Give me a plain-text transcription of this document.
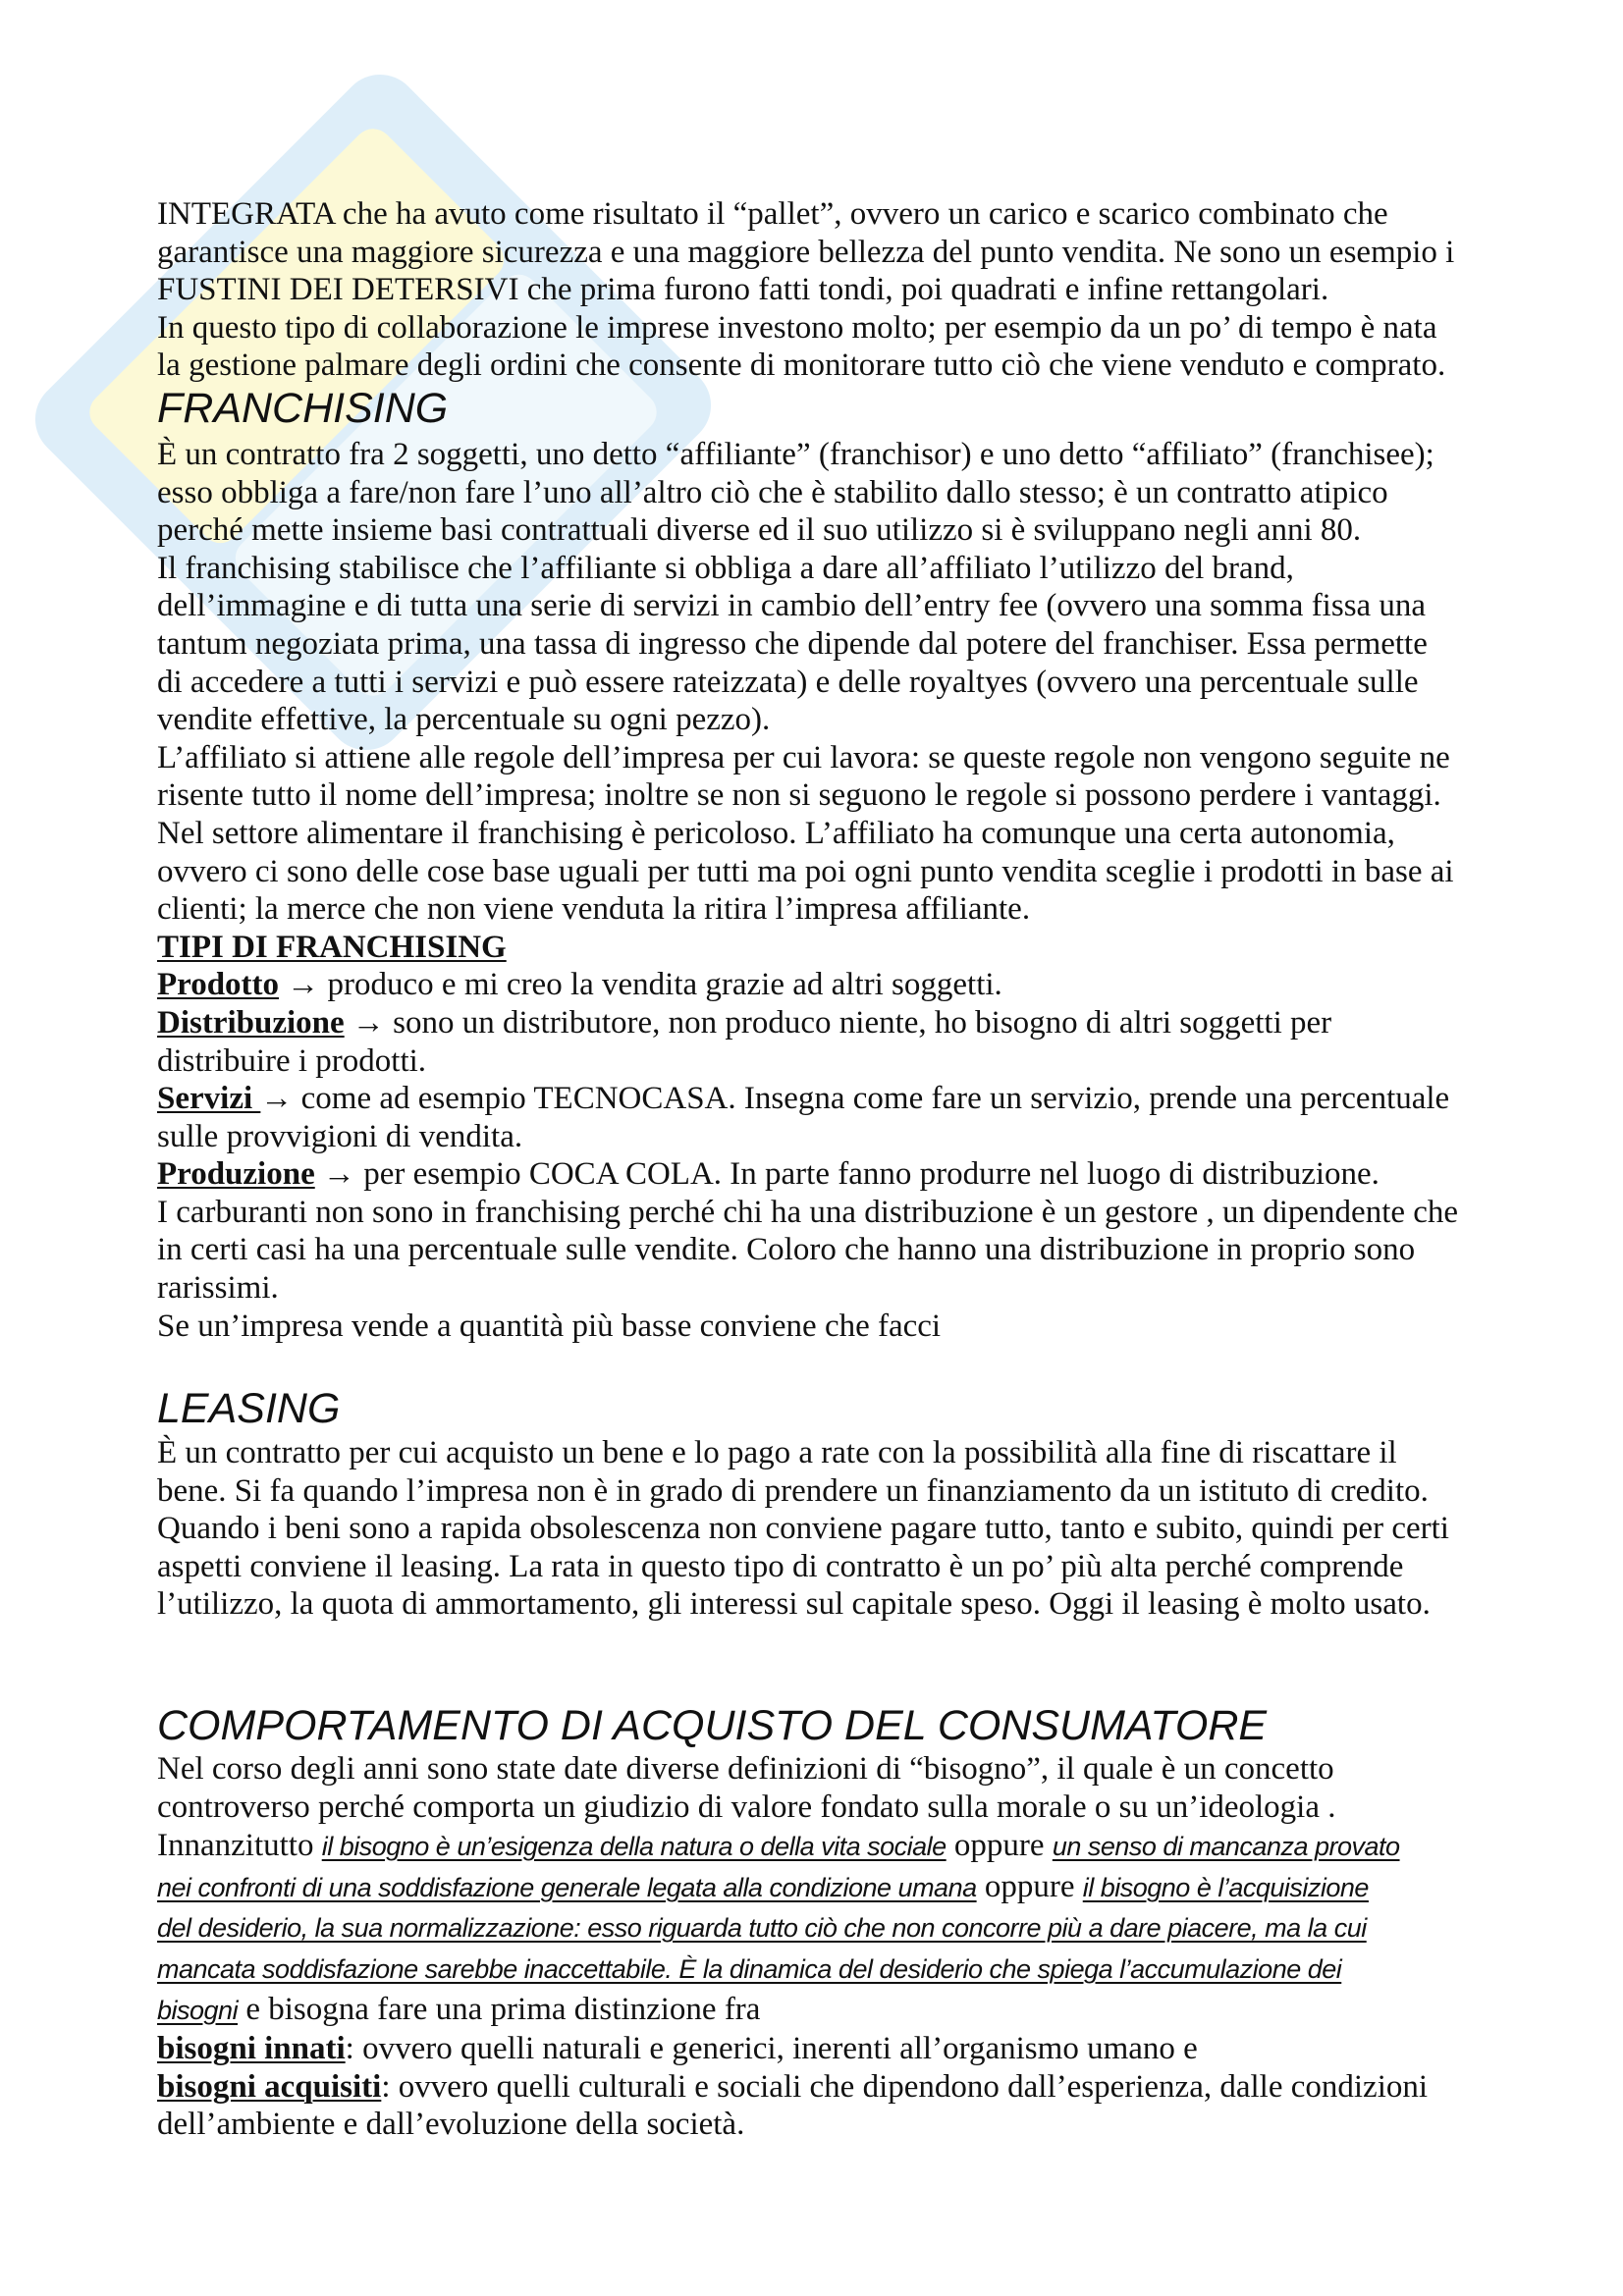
INTEGRATA che ha avuto come risultato il “pallet”, ovvero un carico e scarico combinato che
garantisce una maggiore sicurezza e una maggiore bellezza del punto vendita. Ne sono un esempio i
FUSTINI DEI DETERSIVI che prima furono fatti tondi, poi quadrati e infine rettangolari.
In questo tipo di collaborazione le imprese investono molto; per esempio da un po’ di tempo è nata
la gestione palmare degli ordini che consente di monitorare tutto ciò che viene venduto e comprato.
FRANCHISING
È un contratto fra 2 soggetti, uno detto “affiliante” (franchisor) e uno detto “affiliato” (franchisee);
esso obbliga a fare/non fare l’uno all’altro ciò che è stabilito dallo stesso; è un contratto atipico
perché mette insieme basi contrattuali diverse ed il suo utilizzo si è sviluppano negli anni 80.
Il franchising stabilisce che l’affiliante si obbliga a dare all’affiliato l’utilizzo del brand,
dell’immagine e di tutta una serie di servizi in cambio dell’entry fee (ovvero una somma fissa una
tantum negoziata prima, una tassa di ingresso che dipende dal potere del franchiser. Essa permette
di accedere a tutti i servizi e può essere rateizzata) e delle royaltyes (ovvero una percentuale sulle
vendite effettive, la percentuale su ogni pezzo).
L’affiliato si attiene alle regole dell’impresa per cui lavora: se queste regole non vengono seguite ne
risente tutto il nome dell’impresa; inoltre se non si seguono le regole si possono perdere i vantaggi.
Nel settore alimentare il franchising è pericoloso. L’affiliato ha comunque una certa autonomia,
ovvero ci sono delle cose base uguali per tutti ma poi ogni punto vendita sceglie i prodotti in base ai
clienti; la merce che non viene venduta la ritira l’impresa affiliante.
TIPI DI FRANCHISING
Prodotto → produco e mi creo la vendita grazie ad altri soggetti.
Distribuzione → sono un distributore, non produco niente, ho bisogno di altri soggetti per
distribuire i prodotti.
Servizi → come ad esempio TECNOCASA. Insegna come fare un servizio, prende una percentuale
sulle provvigioni di vendita.
Produzione → per esempio COCA COLA. In parte fanno produrre nel luogo di distribuzione.
I carburanti non sono in franchising perché chi ha una distribuzione è un gestore , un dipendente che
in certi casi ha una percentuale sulle vendite. Coloro che hanno una distribuzione in proprio sono
rarissimi.
Se un’impresa vende a quantità più basse conviene che facci
LEASING
È un contratto per cui acquisto un bene e lo pago a rate con la possibilità alla fine di riscattare il
bene. Si fa quando l’impresa non è in grado di prendere un finanziamento da un istituto di credito.
Quando i beni sono a rapida obsolescenza non conviene pagare tutto, tanto e subito, quindi per certi
aspetti conviene il leasing. La rata in questo tipo di contratto è un po’ più alta perché comprende
l’utilizzo, la quota di ammortamento, gli interessi sul capitale speso. Oggi il leasing è molto usato.
COMPORTAMENTO DI ACQUISTO DEL CONSUMATORE
Nel corso degli anni sono state date diverse definizioni di “bisogno”, il quale è un concetto
controverso perché comporta un giudizio di valore fondato sulla morale o su un’ideologia .
Innanzitutto il bisogno è un’esigenza della natura o della vita sociale oppure un senso di mancanza provato
nei confronti di una soddisfazione generale legata alla condizione umana oppure il bisogno è l’acquisizione
del desiderio, la sua normalizzazione: esso riguarda tutto ciò che non concorre più a dare piacere, ma la cui
mancata soddisfazione sarebbe inaccettabile. È la dinamica del desiderio che spiega l’accumulazione dei
bisogni e bisogna fare una prima distinzione fra
bisogni innati: ovvero quelli naturali e generici, inerenti all’organismo umano e
bisogni acquisiti: ovvero quelli culturali e sociali che dipendono dall’esperienza, dalle condizioni
dell’ambiente e dall’evoluzione della società.
